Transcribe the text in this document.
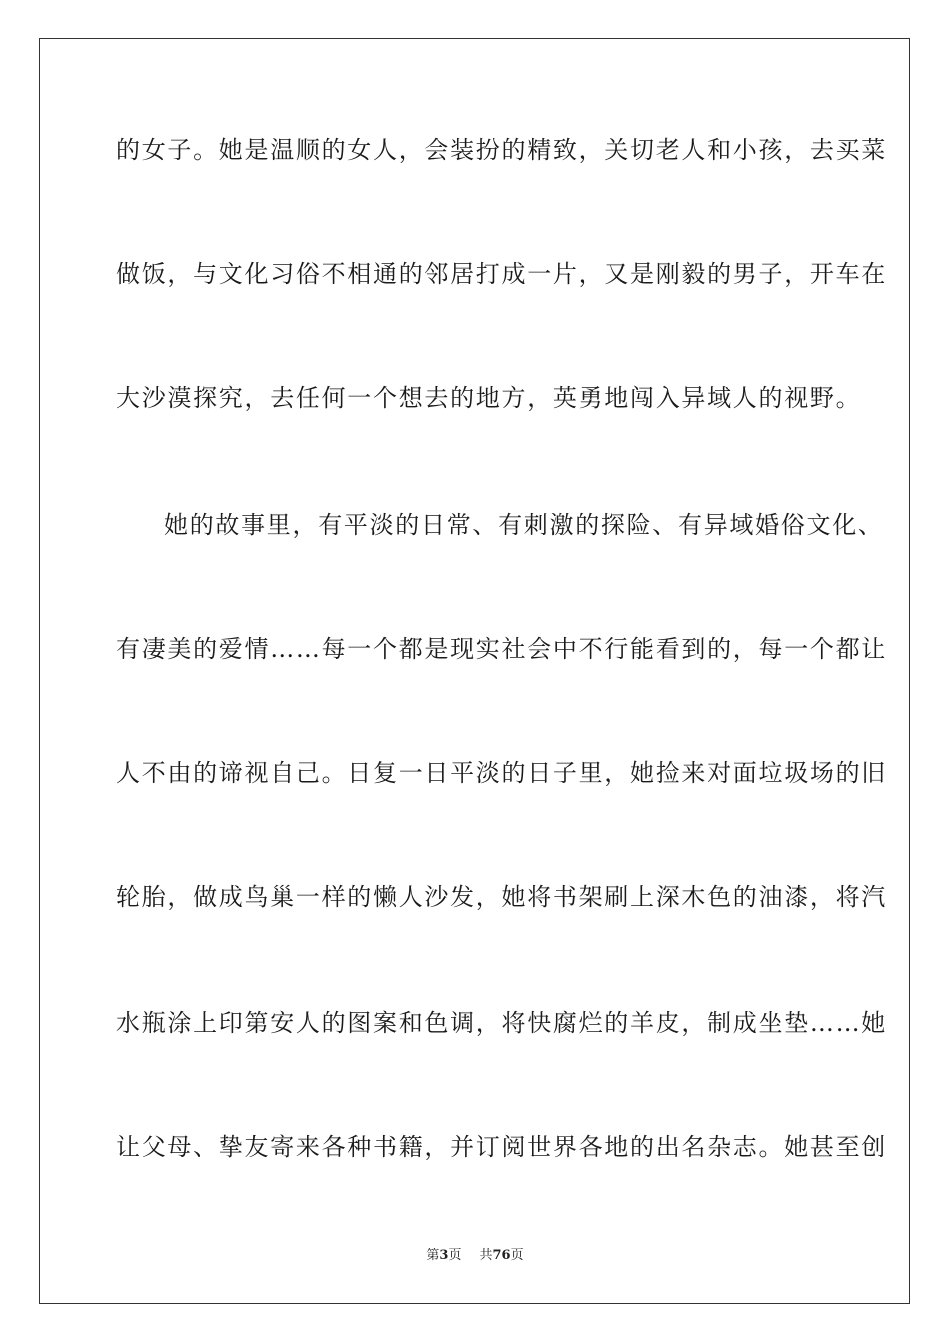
的女子。她是温顺的女人，会装扮的精致，关切老人和小孩，去买菜
做饭，与文化习俗不相通的邻居打成一片，又是刚毅的男子，开车在
大沙漠探究，去任何一个想去的地方，英勇地闯入异域人的视野。
她的故事里，有平淡的日常、有刺激的探险、有异域婚俗文化、
有凄美的爱情……每一个都是现实社会中不行能看到的，每一个都让
人不由的谛视自己。日复一日平淡的日子里，她捡来对面垃圾场的旧
轮胎，做成鸟巢一样的懒人沙发，她将书架刷上深木色的油漆，将汽
水瓶涂上印第安人的图案和色调，将快腐烂的羊皮，制成坐垫……她
让父母、挚友寄来各种书籍，并订阅世界各地的出名杂志。她甚至创
第3页 共76页
